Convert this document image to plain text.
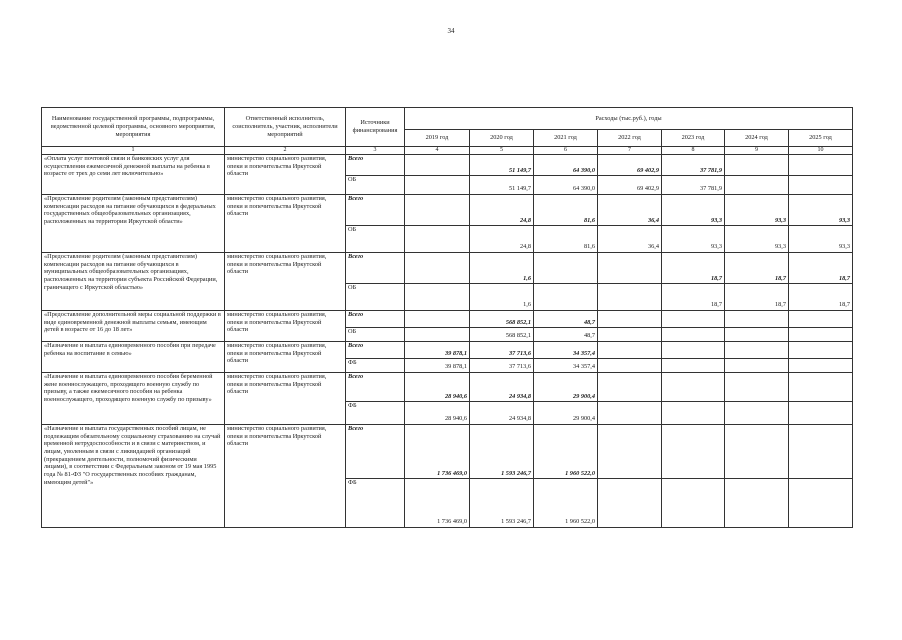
34
Наименование государственной программы, подпрограммы, ведомственной целевой программы, основного мероприятия, мероприятия	Ответственный исполнитель, соисполнитель, участник, исполнители мероприятий	Источники финансирования	Расходы (тыс.руб.), годы						
			2019 год	2020 год	2021 год	2022 год	2023 год	2024 год	2025 год
1	2	3	4	5	6	7	8	9	10
«Оплата услуг почтовой связи и банковских услуг для осуществления ежемесячной денежной выплаты на ребенка в возрасте от трех до семи лет включительно»	министерство социального развития, опеки и попечительства Иркутской области	Всего		51 149,7	64 390,0	69 402,9	37 781,9		
		ОБ		51 149,7	64 390,0	69 402,9	37 781,9		
«Предоставление родителям (законным представителям) компенсации расходов на питание обучающихся в федеральных государственных общеобразовательных организациях, расположенных на территории Иркутской области»	министерство социального развития, опеки и попечительства Иркутской области	Всего		24,8	81,6	36,4	93,3	93,3	93,3
		ОБ		24,8	81,6	36,4	93,3	93,3	93,3
«Предоставление родителям (законным представителям) компенсации расходов на питание обучающихся в муниципальных общеобразовательных организациях, расположенных на территории субъекта Российской Федерации, граничащего с Иркутской областью»	министерство социального развития, опеки и попечительства Иркутской области	Всего		1,6			18,7	18,7	18,7
		ОБ		1,6			18,7	18,7	18,7
«Предоставление дополнительной меры социальной поддержки в виде единовременной денежной выплаты семьям, имеющим детей в возрасте от 16 до 18 лет»	министерство социального развития, опеки и попечительства Иркутской области	Всего		568 852,1	48,7				
		ОБ		568 852,1	48,7				
«Назначение и выплата единовременного пособия при передаче ребенка на воспитание в семью»	министерство социального развития, опеки и попечительства Иркутской области	Всего	39 878,1	37 713,6	34 357,4				
		ФБ	39 878,1	37 713,6	34 357,4				
«Назначение и выплата единовременного пособия беременной жене военнослужащего, проходящего военную службу по призыву, а также ежемесячного пособия на ребенка военнослужащего, проходящего военную службу по призыву»	министерство социального развития, опеки и попечительства Иркутской области	Всего	28 940,6	24 934,8	29 900,4				
		ФБ	28 940,6	24 934,8	29 900,4				
«Назначение и выплата государственных пособий лицам, не подлежащим обязательному социальному страхованию на случай временной нетрудоспособности и в связи с материнством, и лицам, уволенным в связи с ликвидацией организаций (прекращением деятельности, полномочий физическими лицами), в соответствии с Федеральным законом от 19 мая 1995 года № 81-ФЗ "О государственных пособиях гражданам, имеющим детей"»	министерство социального развития, опеки и попечительства Иркутской области	Всего	1 736 469,0	1 593 246,7	1 960 522,0				
		ФБ	1 736 469,0	1 593 246,7	1 960 522,0				
